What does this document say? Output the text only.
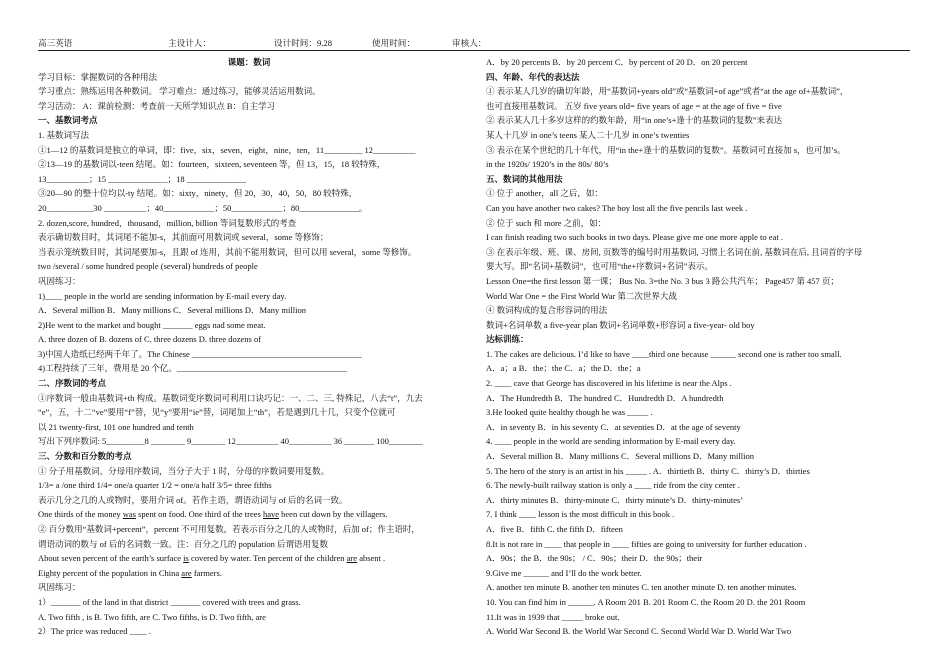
高三英语	主设计人：	设计时间：9.28	使用时间：	审核人：
课题：数词
学习目标：掌握数词的各种用法
学习重点：熟练运用各种数词。 学习难点：通过练习，能够灵活运用数词。
学习活动： A：课前检测：考查前一天所学知识点 B：自主学习
一、基数词考点
1. 基数词写法
①1—12 的基数词是独立的单词，即：five，six，seven，eight，nine，ten，11_________ 12__________
②13—19 的基数词以-teen 结尾。如：fourteen，sixteen, seventeen 等，但 13，15，18 较特殊，
13__________；15 ______________；18 ______________
③20—90 的整十位均以-ty 结尾。如：sixty，ninety，但 20，30，40，50，80 较特殊，
20___________30 __________；40____________；50____________；80______________。
2. dozen,score, hundred，thousand，million, billion 等词复数形式的考查
表示确切数目时，其词尾不能加-s，其前面可用数词或 several，some 等修饰；
当表示笼统数目时，其词尾要加-s，且跟 of 连用，其前不能用数词，但可以用 several，some 等修饰。
two /several / some hundred people (several) hundreds of people
巩固练习：
1)____ people in the world are sending information by E-mail every day.
A．Several million B．Many millions C．Several millions D．Many million
2)He went to the market and bought _______ eggs nad some meat.
A. three dozen of B. dozens of C. three dozens D. three dozens of
3)中国人造纸已经两千年了。The Chinese ________________________________________
4)工程持续了三年，费用是 20 个亿。________________________________________
二、序数词的考点
①序数词一般由基数词+th 构成。基数词变序数词可利用口诀巧记：一、二、三, 特殊记，八去“t”，九去
“e”，五，十二“ve”要用“f”替，见“y”要用“ie”替，词尾加上“th”，若是遇到几十几，只变个位就可
以 21 twenty-first, 101 one hundred and tenth
写出下列序数词: 5_________8 ________ 9________ 12__________ 40__________ 36 _______ 100________
三、分数和百分数的考点
① 分子用基数词，分母用序数词，当分子大于 1 时，分母的序数词要用复数。
1/3= a /one third 1/4= one/a quarter 1/2 = one/a half 3/5= three fifths
表示几分之几的人或物时，要用介词 of。若作主语，谓语动词与 of 后的名词一致。
One thirds of the money was spent on food. One third of the trees have been cut down by the villagers.
② 百分数用“基数词+percent”，percent 不可用复数，若表示百分之几的人或物时，后加 of；作主语时，
谓语动词的数与 of 后的名词数一致。注：百分之几的 population 后谓语用复数
About seven percent of the earth’s surface is covered by water. Ten percent of the children are absent .
Eighty percent of the population in China are farmers.
巩固练习：
1）_______ of the land in that district _______ covered with trees and grass.
A. Two fifth , is B. Two fifth, are C. Two fifths, is D. Two fifth, are
2）The price was reduced ____ .
A．by 20 percents B．by 20 percent C．by percent of 20 D．on 20 percent
四、年龄、年代的表达法
① 表示某人几岁的确切年龄，用“基数词+years old”或“基数词+of age”或者“at the age of+基数词”，
也可直接用基数词。 五岁 five years old= five years of age = at the age of five = five
② 表示某人几十多岁这样的约数年龄，用“in one’s+逢十的基数词的复数”来表达
某人十几岁 in one’s teens 某人二十几岁 in one’s twenties
③ 表示在某个世纪的几十年代，用“in the+逢十的基数词的复数”。基数词可直接加 s，也可加’s。
in the 1920s/ 1920’s in the 80s/ 80’s
五、数词的其他用法
① 位于 another，all 之后，如：
Can you have another two cakes? The boy lost all the five pencils last week .
② 位于 such 和 more 之前，如：
I can finish reading two such books in two days. Please give me one more apple to eat .
③ 在表示年级、班、课、房间, 页数等的编号时用基数词, 习惯上名词在前, 基数词在后, 且词首的字母
要大写。即“名词+基数词”，也可用“the+序数词+名词”表示。
Lesson One=the first lesson 第一课； Bus No. 3=the No. 3 bus 3 路公共汽车； Page457 第 457 页；
World War One = the First World War 第二次世界大战
④ 数词构成的复合形容词的用法
数词+名词单数 a five-year plan 数词+名词单数+形容词 a five-year- old boy
达标训练：
1. The cakes are delicious. I’d like to have ____third one because ______ second one is rather too small.
A．a；a B．the；the C．a；the D．the；a
2. ____ cave that George has discovered in his lifetime is near the Alps .
A．The Hundredth B．The hundred C．Hundredth D．A hundredth
3.He looked quite healthy though he was _____ .
A．in seventy B．in his seventy C．at seventies D．at the age of seventy
4. ____ people in the world are sending information by E-mail every day.
A．Several million B．Many millions C．Several millions D．Many million
5. The hero of the story is an artist in his _____ . A．thirtieth B．thirty C．thirty’s D．thirties
6. The newly-built railway station is only a ____ ride from the city center .
A．thirty minutes B．thirty-minute C．thirty minute’s D．thirty-minutes’
7. I think ____ lesson is the most difficult in this book .
A．five B．fifth C. the fifth D．fifteen
8.It is not rare in ____ that people in ____ fifties are going to university for further education .
A．90s；the B．the 90s； / C．90s；their D．the 90s；their
9.Give me ______ and I’ll do the work better.
A. another ten minute B. another ten minutes C. ten another minute D. ten another minutes.
10. You can find him in ______. A Room 201 B. 201 Room C. the Room 20 D. the 201 Room
11.It was in 1939 that _____ broke out.
A. World War Second B. the World War Second C. Second World War D. World War Two
